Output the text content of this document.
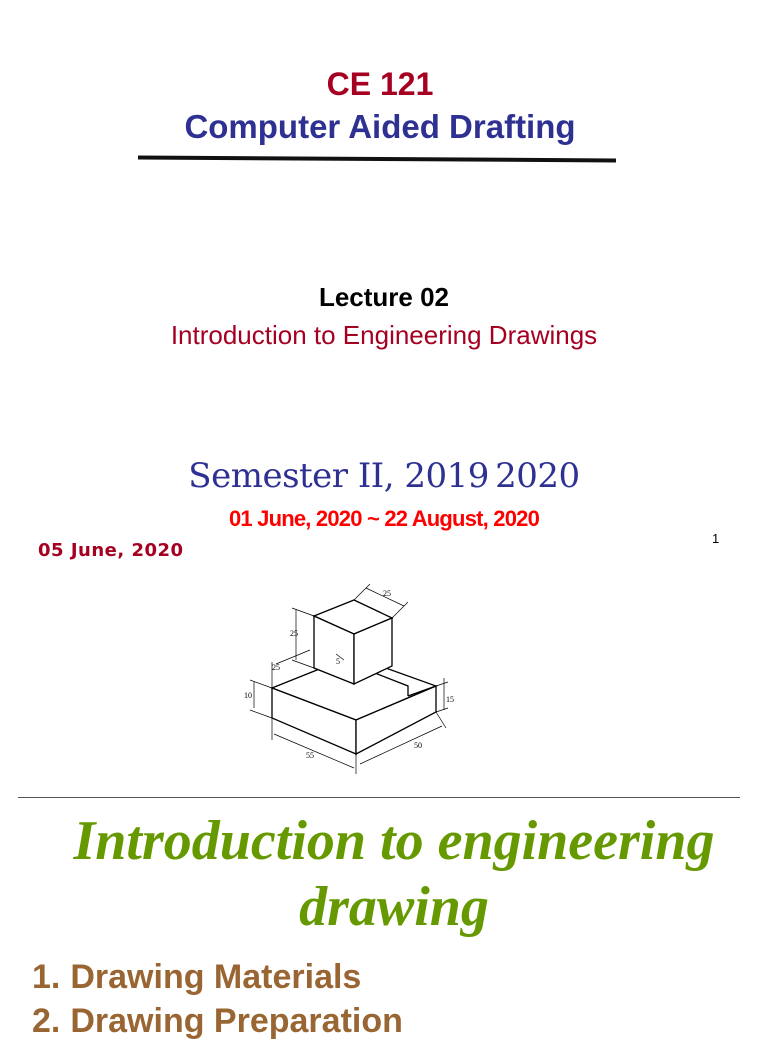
CE 121
Computer Aided Drafting
Lecture 02
Introduction to Engineering Drawings
Semester II, 2019 2020
01 June, 2020 ~ 22 August, 2020
05 June, 2020
1
25
25
5
25
10	15
55
50
Introduction to engineering drawing
1. Drawing Materials
2. Drawing Preparation
